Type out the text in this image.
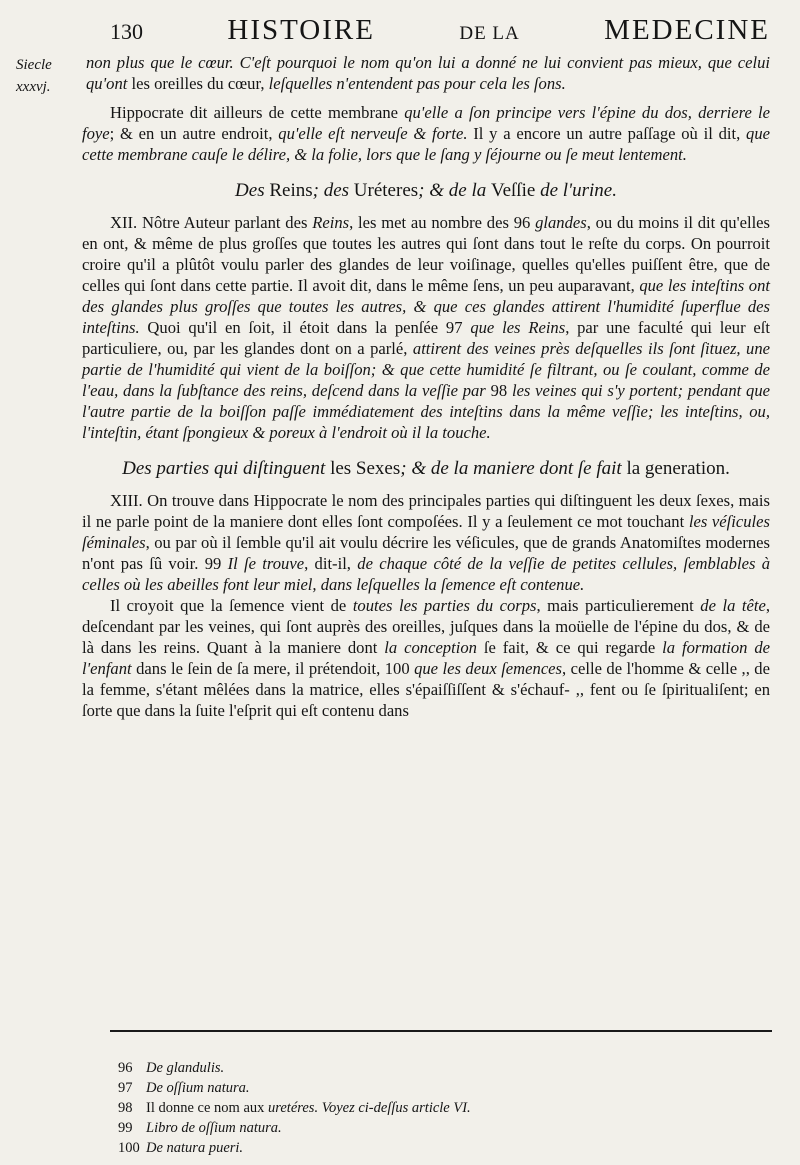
130	HISTOIRE	DE LA	MEDECINE
Siecle
xxxvj.

non plus que le cœur. C'eſt pourquoi le nom qu'on lui a donné ne lui convient pas mieux, que celui qu'ont les oreilles du cœur, leſquelles n'entendent pas pour cela les ſons.

Hippocrate dit ailleurs de cette membrane qu'elle a ſon principe vers l'épine du dos, derriere le foye; & en un autre endroit, qu'elle eſt nerveuſe & forte. Il y a encore un autre paſſage où il dit, que cette membrane cauſe le délire, & la folie, lors que le ſang y ſéjourne ou ſe meut lentement.

Des Reins; des Uréteres; & de la Veſſie de l'urine.

XII. Nôtre Auteur parlant des Reins, les met au nombre des 96 glandes, ou du moins il dit qu'elles en ont, & même de plus groſſes que toutes les autres qui ſont dans tout le reſte du corps. On pourroit croire qu'il a plûtôt voulu parler des glandes de leur voiſinage, quelles qu'elles puiſſent être, que de celles qui ſont dans cette partie. Il avoit dit, dans le même ſens, un peu auparavant, que les inteſtins ont des glandes plus groſſes que toutes les autres, & que ces glandes attirent l'humidité ſuperflue des inteſtins. Quoi qu'il en ſoit, il étoit dans la penſée 97 que les Reins, par une faculté qui leur eſt particuliere, ou, par les glandes dont on a parlé, attirent des veines près deſquelles ils ſont ſituez, une partie de l'humidité qui vient de la boiſſon; & que cette humidité ſe filtrant, ou ſe coulant, comme de l'eau, dans la ſubſtance des reins, deſcend dans la veſſie par 98 les veines qui s'y portent; pendant que l'autre partie de la boiſſon paſſe immédiatement des inteſtins dans la même veſſie; les inteſtins, ou, l'inteſtin, étant ſpongieux & poreux à l'endroit où il la touche.

Des parties qui diſtinguent les Sexes; & de la maniere dont ſe fait la generation.

XIII. On trouve dans Hippocrate le nom des principales parties qui diſtinguent les deux ſexes, mais il ne parle point de la maniere dont elles ſont compoſées. Il y a ſeulement ce mot touchant les véſicules ſéminales, ou par où il ſemble qu'il ait voulu décrire les véſicules, que de grands Anatomiſtes modernes n'ont pas ſû voir. 99 Il ſe trouve, dit-il, de chaque côté de la veſſie de petites cellules, ſemblables à celles où les abeilles font leur miel, dans leſquelles la ſemence eſt contenue.

Il croyoit que la ſemence vient de toutes les parties du corps, mais particulierement de la tête, deſcendant par les veines, qui ſont auprès des oreilles, juſques dans la moüelle de l'épine du dos, & de là dans les reins. Quant à la maniere dont la conception ſe fait, & ce qui regarde la formation de l'enfant dans le ſein de ſa mere, il prétendoit, 100 que les deux ſemences, celle de l'homme & celle ,, de la femme, s'étant mêlées dans la matrice, elles s'épaiſſiſſent & s'échauf- ,, fent ou ſe ſpiritualiſent; en ſorte que dans la ſuite l'eſprit qui eſt contenu dans

96 De glandulis.
97 De oſſium natura.
98 Il donne ce nom aux uretéres. Voyez ci-deſſus article VI.
99 Libro de oſſium natura.
100 De natura pueri.
